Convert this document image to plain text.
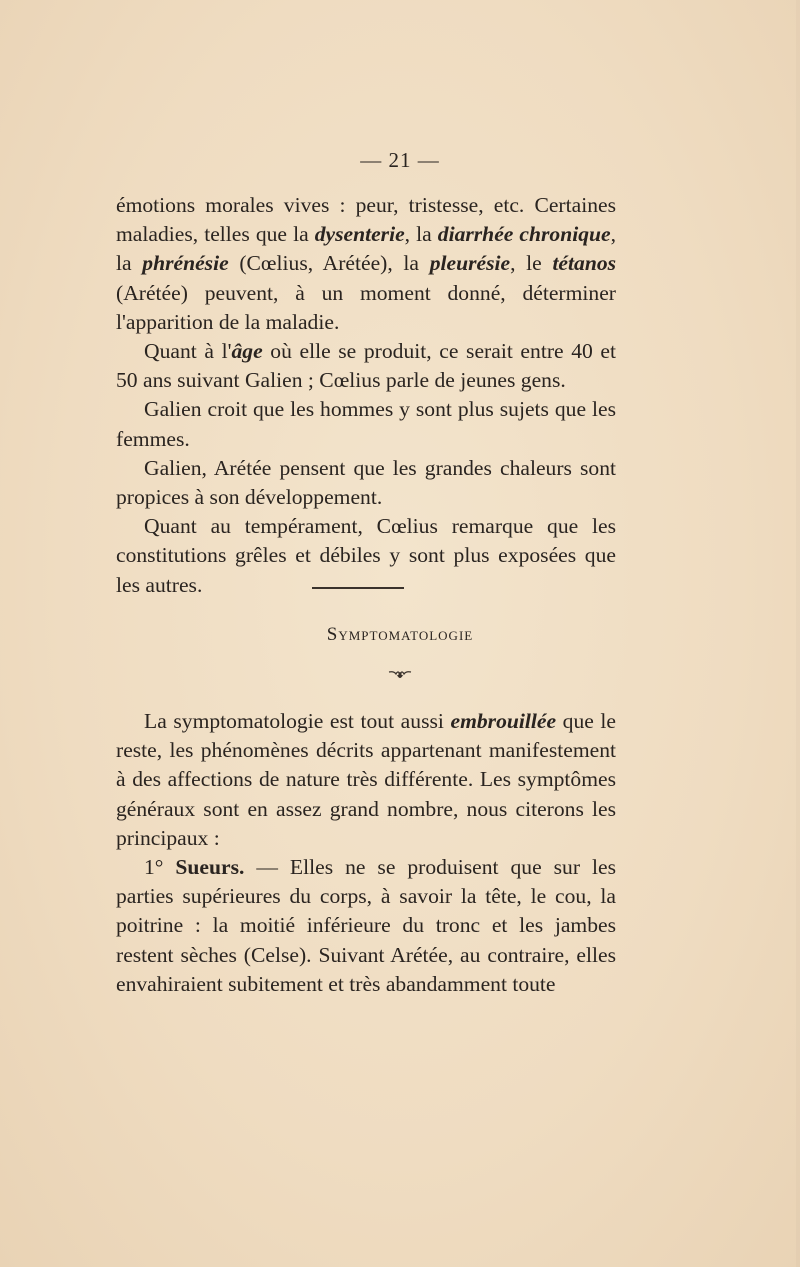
— 21 —

émotions morales vives : peur, tristesse, etc. Certaines maladies, telles que la dysenterie, la diarrhée chronique, la phrénésie (Cœlius, Arétée), la pleurésie, le tétanos (Arétée) peuvent, à un moment donné, déterminer l'apparition de la maladie.

Quant à l'âge où elle se produit, ce serait entre 40 et 50 ans suivant Galien ; Cœlius parle de jeunes gens.

Galien croit que les hommes y sont plus sujets que les femmes.

Galien, Arétée pensent que les grandes chaleurs sont propices à son développement.

Quant au tempérament, Cœlius remarque que les constitutions grêles et débiles y sont plus exposées que les autres.

Symptomatologie

La symptomatologie est tout aussi embrouillée que le reste, les phénomènes décrits appartenant manifestement à des affections de nature très différente. Les symptômes généraux sont en assez grand nombre, nous citerons les principaux :

1° Sueurs. — Elles ne se produisent que sur les parties supérieures du corps, à savoir la tête, le cou, la poitrine : la moitié inférieure du tronc et les jambes restent sèches (Celse). Suivant Arétée, au contraire, elles envahiraient subitement et très abandamment toute
